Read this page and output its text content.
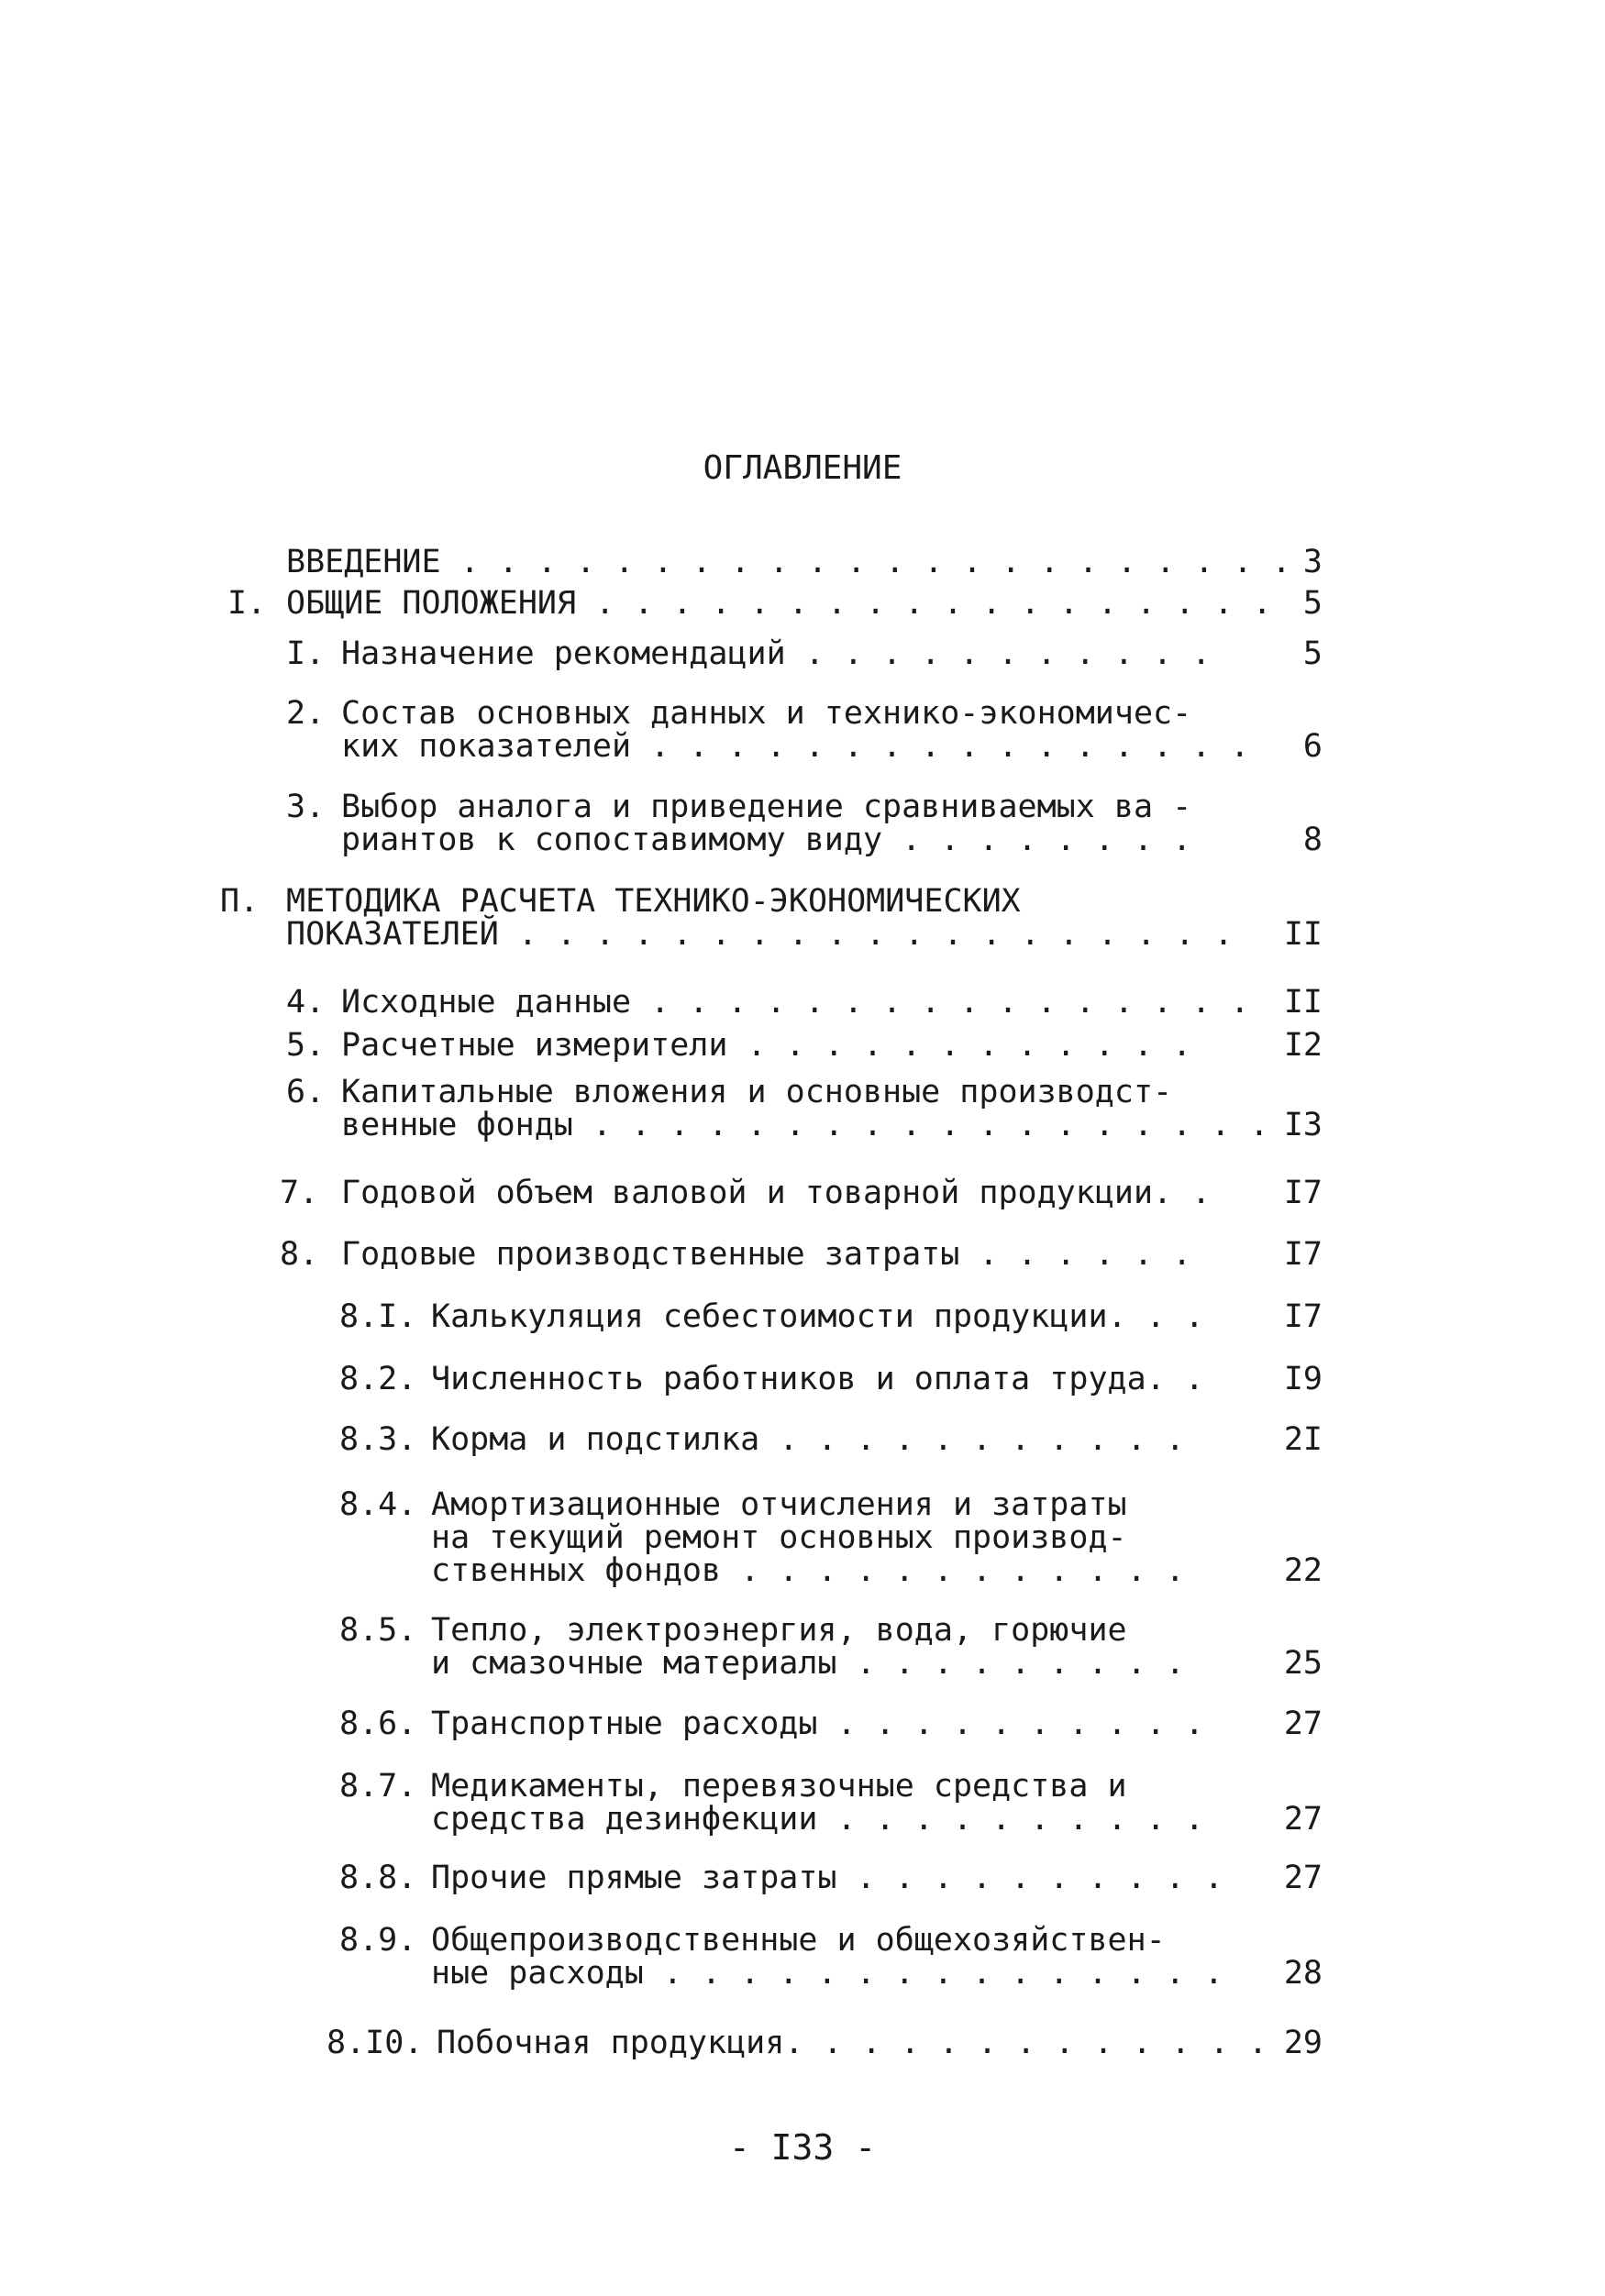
ОГЛАВЛЕНИЕ
ВВЕДЕНИЕ . . . . . . . . . . . . . . . . . . . . . . 3
I. ОБЩИЕ ПОЛОЖЕНИЯ . . . . . . . . . . . . . . . . . . 5
I. Назначение рекомендаций . . . . . . . . . . .	5
2. Состав основных данных и технико-экономичес-
ких показателей . . . . . . . . . . . . . . . .	6
3. Выбор аналога и приведение сравниваемых ва -
риантов к сопоставимому виду . . . . . . . .	8
П. МЕТОДИКА РАСЧЕТА ТЕХНИКО-ЭКОНОМИЧЕСКИХ
ПОКАЗАТЕЛЕЙ . . . . . . . . . . . . . . . . . . .	II
4. Исходные данные . . . . . . . . . . . . . . . .	II
5. Расчетные измерители . . . . . . . . . . . .	I2
6. Капитальные вложения и основные производст-
венные фонды . . . . . . . . . . . . . . . . . . I3
7. Годовой объем валовой и товарной продукции. .	I7
8. Годовые производственные затраты . . . . . .	I7
8.I. Калькуляция себестоимости продукции. . .	I7
8.2. Численность работников и оплата труда. .	I9
8.3. Корма и подстилка . . . . . . . . . . .	2I
8.4. Амортизационные отчисления и затраты
на текущий ремонт основных производ-
ственных фондов . . . . . . . . . . . .	22
8.5. Тепло, электроэнергия, вода, горючие
и смазочные материалы . . . . . . . . .	25
8.6. Транспортные расходы . . . . . . . . . .	27
8.7. Медикаменты, перевязочные средства и
средства дезинфекции . . . . . . . . . .	27
8.8. Прочие прямые затраты . . . . . . . . . .	27
8.9. Общепроизводственные и общехозяйствен-
ные расходы . . . . . . . . . . . . . . .	28
8.I0. Побочная продукция. . . . . . . . . . . . . 29
- I33 -
